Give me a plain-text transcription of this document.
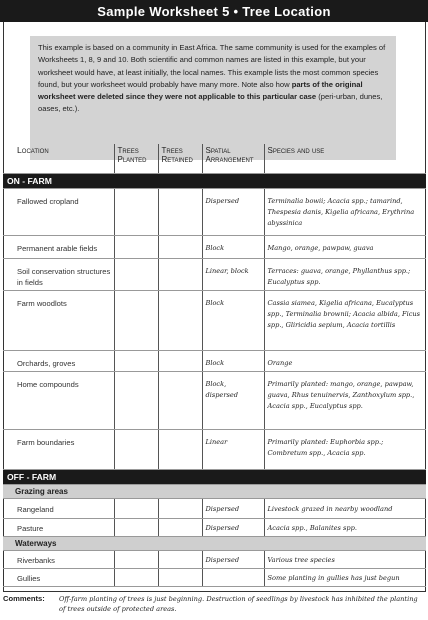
Sample Worksheet 5 • Tree Location
This example is based on a community in East Africa. The same community is used for the examples of Worksheets 1, 8, 9 and 10. Both scientific and common names are listed in this example, but your worksheet would have, at least initially, the local names. This example lists the most common species found, but your worksheet would probably have many more. Note also how parts of the original worksheet were deleted since they were not applicable to this particular case (peri-urban, dunes, oases, etc.).
Location	Trees Planted	Trees Retained	Spatial Arrangement	Species and use
ON - FARM				
Fallowed cropland			Dispersed	Terminalia bowii; Acacia spp.; tamarind, Thespesia danis, Kigelia africana, Erythrina abyssinica
Permanent arable fields			Block	Mango, orange, pawpaw, guava
Soil conservation structures in fields			Linear, block	Terraces: guava, orange, Phyllanthus spp.; Eucalyptus spp.
Farm woodlots			Block	Cassia siamea, Kigelia africana, Eucalyptus spp., Terminalia brownii; Acacia albida, Ficus spp., Gliricidia sepium, Acacia tortillis
Orchards, groves			Block	Orange
Home compounds			Block, dispersed	Primarily planted: mango, orange, pawpaw, guava, Rhus tenuinervis, Zanthoxylum spp., Acacia spp., Eucalyptus spp.
Farm boundaries			Linear	Primarily planted: Euphorbia spp.; Combretum spp., Acacia spp.
OFF - FARM				
Grazing areas				
Rangeland			Dispersed	Livestock grazed in nearby woodland
Pasture			Dispersed	Acacia spp., Balanites spp.
Waterways				
Riverbanks			Dispersed	Various tree species
Gullies				Some planting in gullies has just begun
Comments: Off-farm planting of trees is just beginning. Destruction of seedlings by livestock has inhibited the planting of trees outside of protected areas.
